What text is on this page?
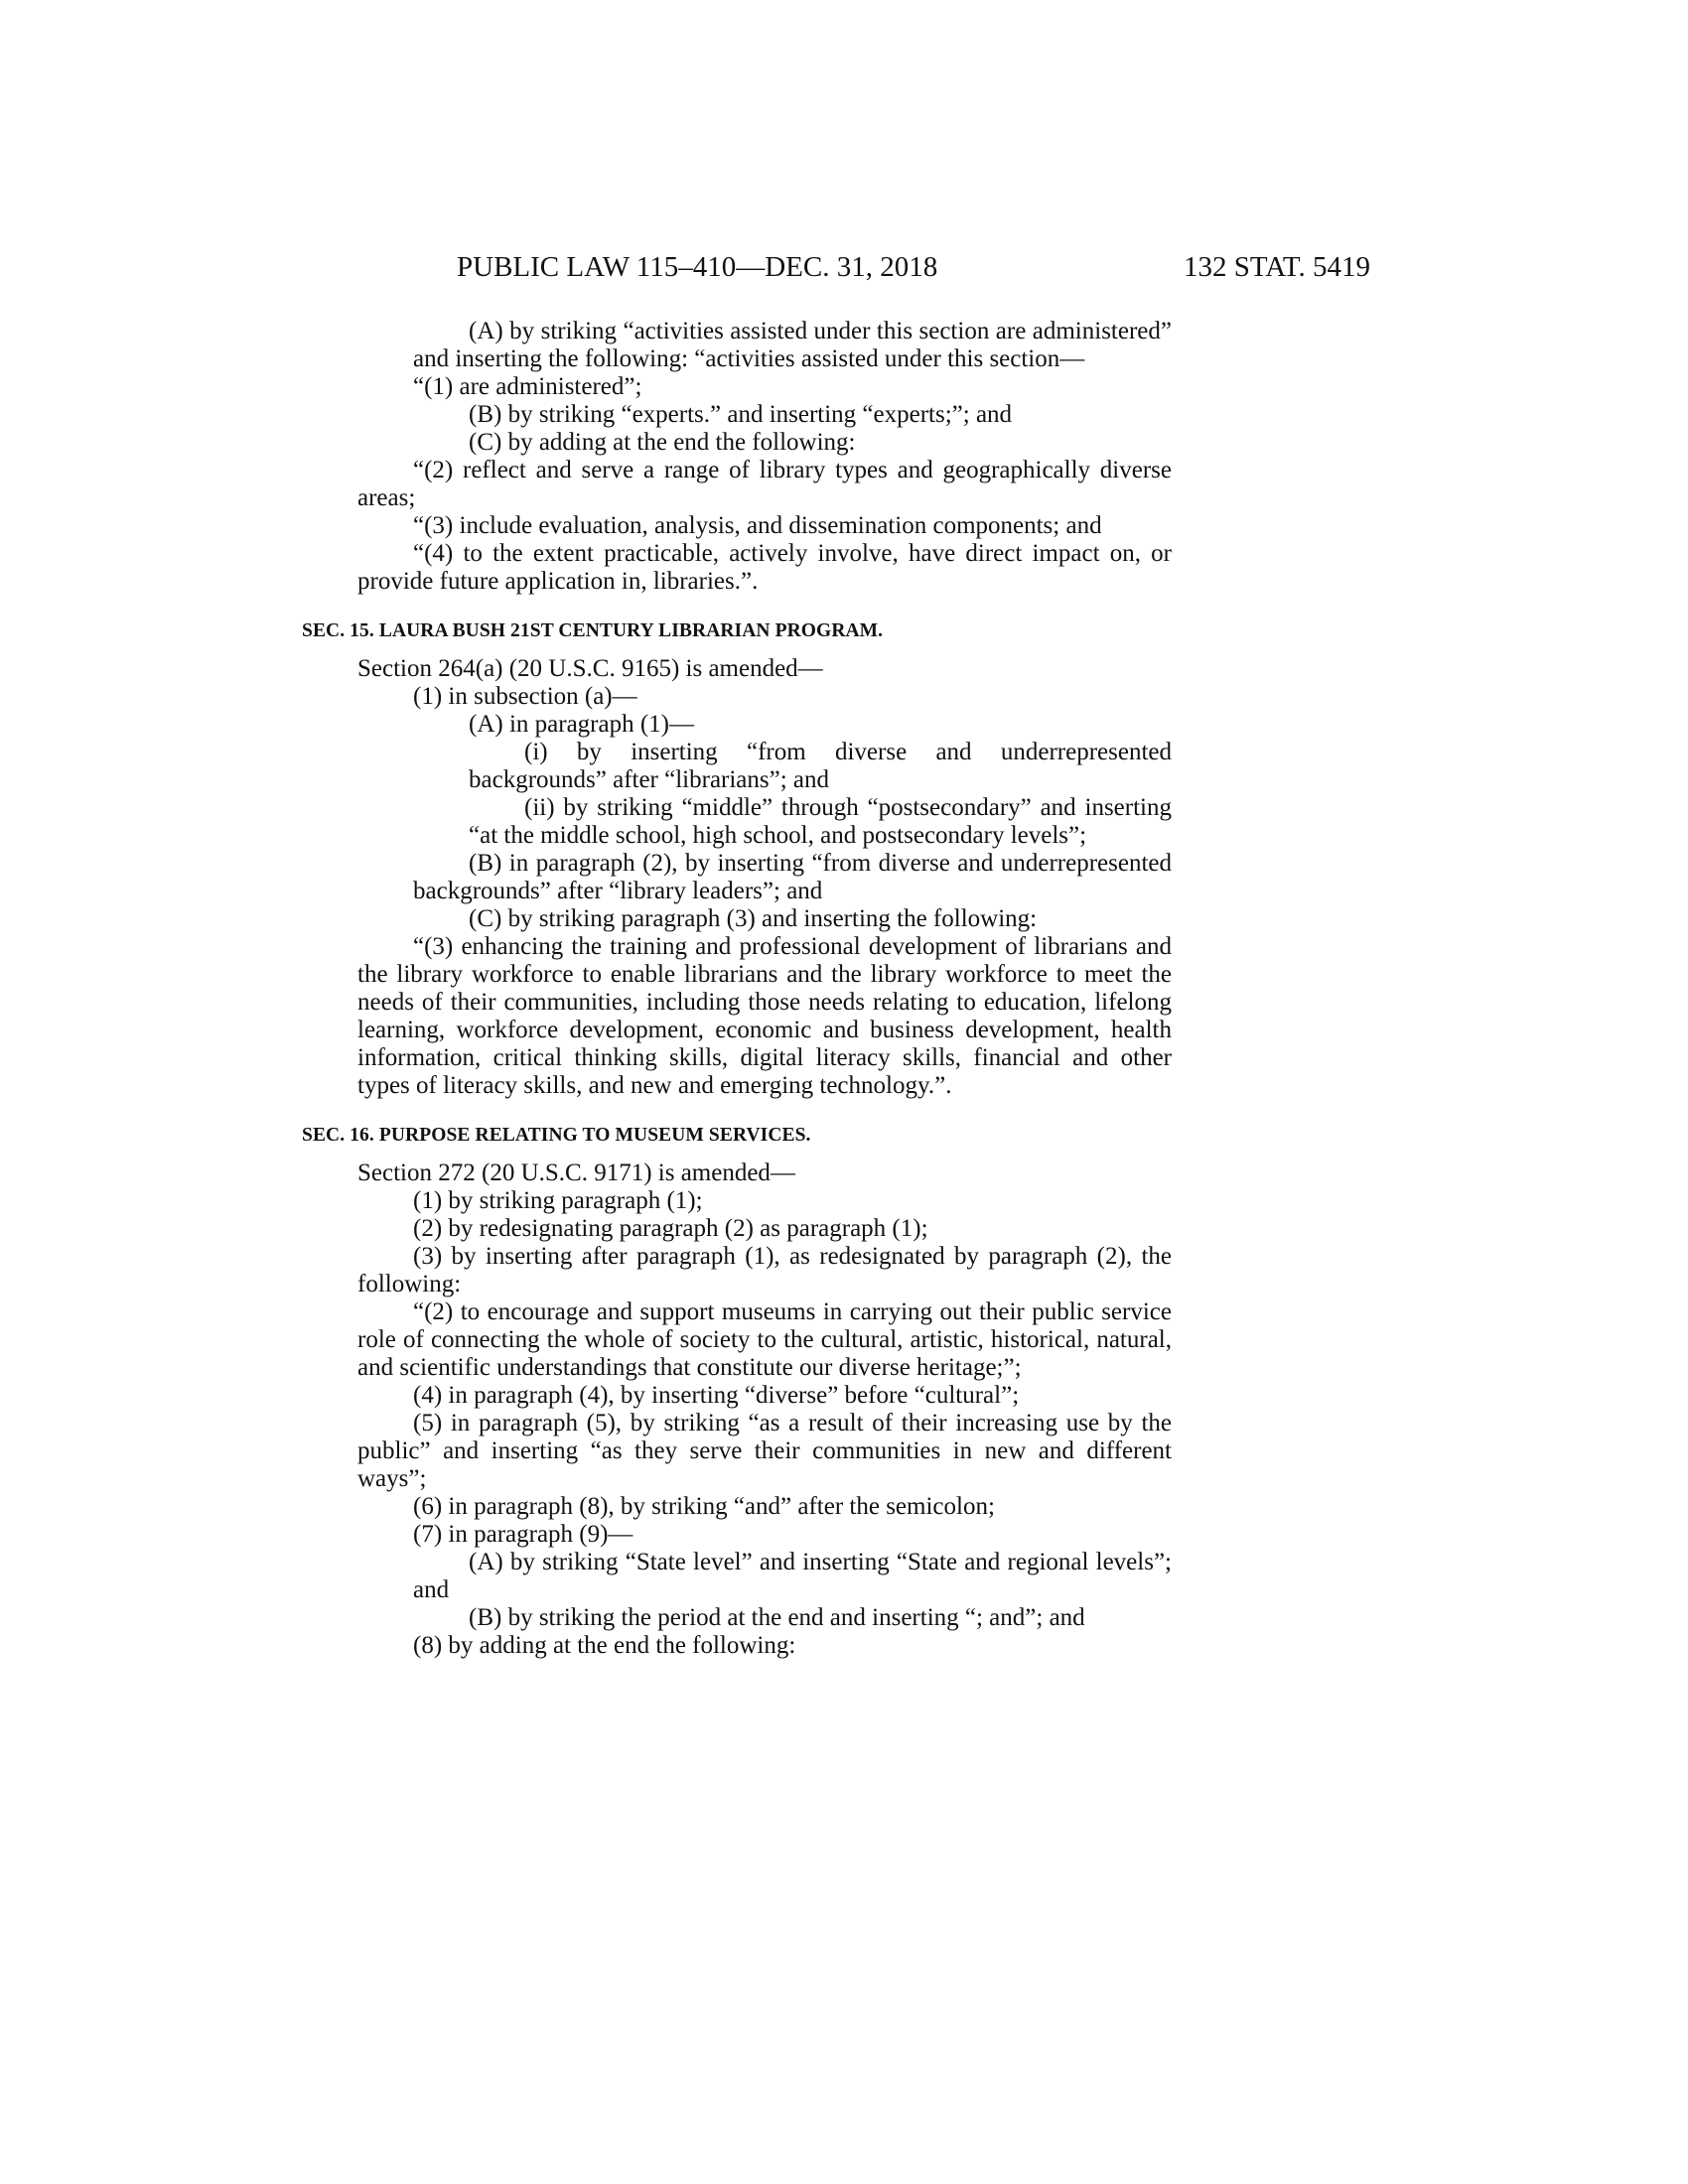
PUBLIC LAW 115–410—DEC. 31, 2018	132 STAT. 5419

(A) by striking “activities assisted under this section are administered” and inserting the following: “activities assisted under this section—

“(1) are administered”;

(B) by striking “experts.” and inserting “experts;”; and

(C) by adding at the end the following:

“(2) reflect and serve a range of library types and geographically diverse areas;

“(3) include evaluation, analysis, and dissemination components; and

“(4) to the extent practicable, actively involve, have direct impact on, or provide future application in, libraries.”.

SEC. 15. LAURA BUSH 21ST CENTURY LIBRARIAN PROGRAM.

Section 264(a) (20 U.S.C. 9165) is amended—

(1) in subsection (a)—

(A) in paragraph (1)—

(i) by inserting “from diverse and underrepresented backgrounds” after “librarians”; and

(ii) by striking “middle” through “postsecondary” and inserting “at the middle school, high school, and postsecondary levels”;

(B) in paragraph (2), by inserting “from diverse and underrepresented backgrounds” after “library leaders”; and

(C) by striking paragraph (3) and inserting the following:

“(3) enhancing the training and professional development of librarians and the library workforce to enable librarians and the library workforce to meet the needs of their communities, including those needs relating to education, lifelong learning, workforce development, economic and business development, health information, critical thinking skills, digital literacy skills, financial and other types of literacy skills, and new and emerging technology.”.

SEC. 16. PURPOSE RELATING TO MUSEUM SERVICES.

Section 272 (20 U.S.C. 9171) is amended—

(1) by striking paragraph (1);

(2) by redesignating paragraph (2) as paragraph (1);

(3) by inserting after paragraph (1), as redesignated by paragraph (2), the following:

“(2) to encourage and support museums in carrying out their public service role of connecting the whole of society to the cultural, artistic, historical, natural, and scientific understandings that constitute our diverse heritage;”;

(4) in paragraph (4), by inserting “diverse” before “cultural”;

(5) in paragraph (5), by striking “as a result of their increasing use by the public” and inserting “as they serve their communities in new and different ways”;

(6) in paragraph (8), by striking “and” after the semicolon;

(7) in paragraph (9)—

(A) by striking “State level” and inserting “State and regional levels”; and

(B) by striking the period at the end and inserting “; and”; and

(8) by adding at the end the following:
